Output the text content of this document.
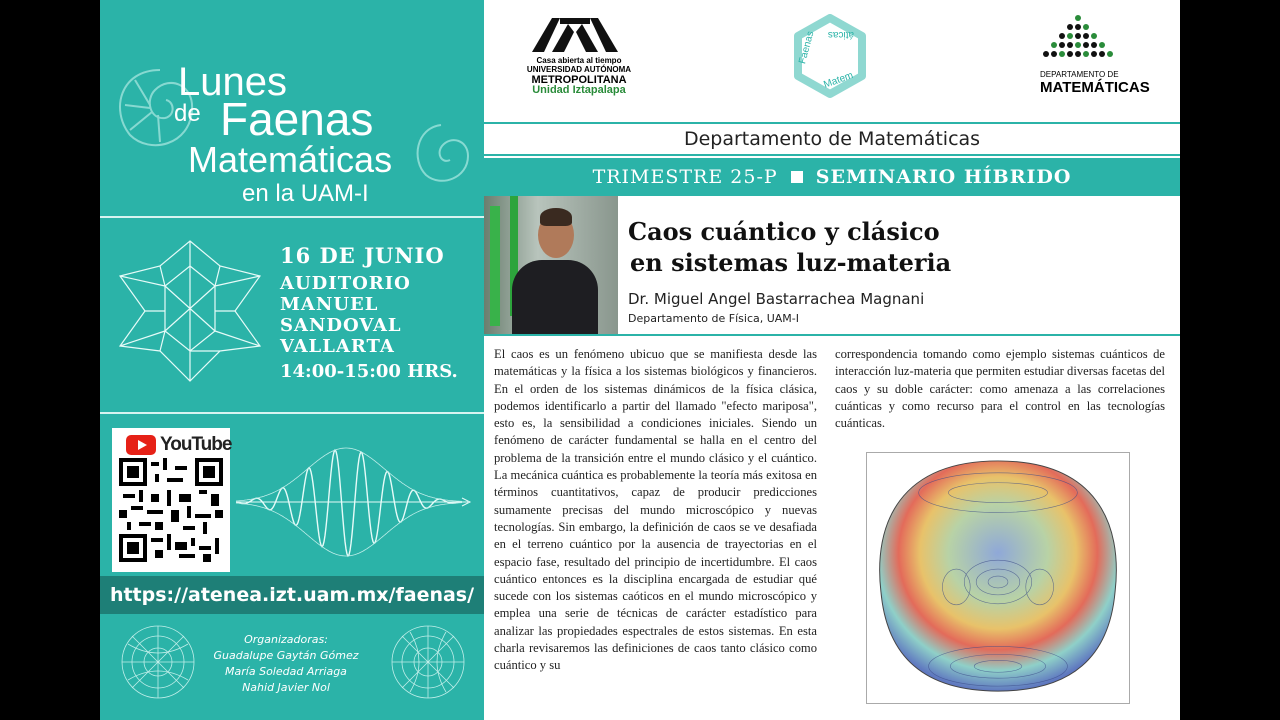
Lunes
de Faenas
Matemáticas
en la UAM-I
16 DE JUNIO
AUDITORIO
MANUEL
SANDOVAL
VALLARTA
14:00-15:00 HRS.
YouTube
https://atenea.izt.uam.mx/faenas/
Organizadoras:
Guadalupe Gaytán Gómez
María Soledad Arriaga
Nahid Javier Nol
Casa abierta al tiempo
UNIVERSIDAD AUTÓNOMA
METROPOLITANA
Unidad Iztapalapa
Faenas
Matem
áticas
DEPARTAMENTO DE
MATEMÁTICAS
Departamento de Matemáticas
TRIMESTRE 25-P SEMINARIO HÍBRIDO
Caos cuántico y clásico
en sistemas luz-materia
Dr. Miguel Angel Bastarrachea Magnani
Departamento de Física, UAM-I
El caos es un fenómeno ubicuo que se manifiesta desde las matemáticas y la física a los sistemas biológicos y financieros. En el orden de los sistemas dinámicos de la física clásica, podemos identificarlo a partir del llamado "efecto mariposa", esto es, la sensibilidad a condiciones iniciales. Siendo un fenómeno de carácter fundamental se halla en el centro del problema de la transición entre el mundo clásico y el cuántico. La mecánica cuántica es probablemente la teoría más exitosa en términos cuantitativos, capaz de producir predicciones sumamente precisas del mundo microscópico y nuevas tecnologías. Sin embargo, la definición de caos se ve desafiada en el terreno cuántico por la ausencia de trayectorias en el espacio fase, resultado del principio de incertidumbre. El caos cuántico entonces es la disciplina encargada de estudiar qué sucede con los sistemas caóticos en el mundo microscópico y emplea una serie de técnicas de carácter estadístico para analizar las propiedades espectrales de estos sistemas. En esta charla revisaremos las definiciones de caos tanto clásico como cuántico y su
correspondencia tomando como ejemplo sistemas cuánticos de interacción luz-materia que permiten estudiar diversas facetas del caos y su doble carácter: como amenaza a las correlaciones cuánticas y como recurso para el control en las tecnologías cuánticas.
